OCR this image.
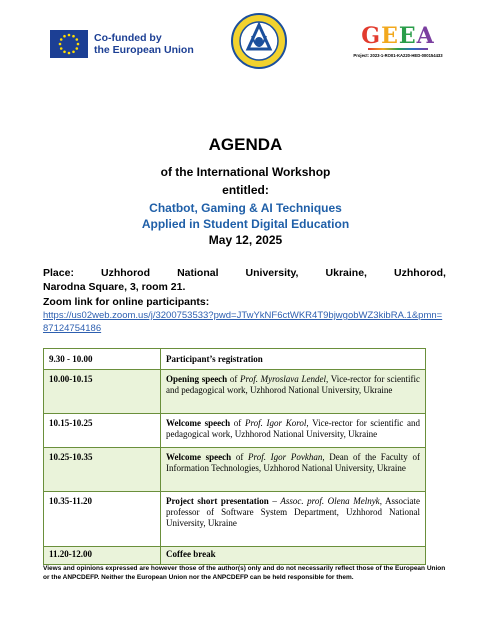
Co-funded by
the European Union
GEEA
Project: 2023-1-RO01-KA220-HED-000154433
AGENDA
of the International Workshop
entitled:
Chatbot, Gaming & AI Techniques
Applied in Student Digital Education
May 12, 2025
Place:	Uzhhorod	National	University,	Ukraine,	Uzhhorod,
Narodna Square, 3, room 21.
Zoom link for online participants:
https://us02web.zoom.us/j/3200753533?pwd=JTwYkNF6ctWKR4T9bjwgobWZ3kibRA.1&pmn=87124754186
9.30 - 10.00	Participant’s registration
10.00-10.15	Opening speech of Prof. Myroslava Lendel, Vice-rector for scientific and pedagogical work, Uzhhorod National University, Ukraine
10.15-10.25	Welcome speech of Prof. Igor Korol, Vice-rector for scientific and pedagogical work, Uzhhorod National University, Ukraine
10.25-10.35	Welcome speech of Prof. Igor Povkhan, Dean of the Faculty of Information Technologies, Uzhhorod National University, Ukraine
10.35-11.20	Project short presentation – Assoc. prof. Olena Melnyk, Associate professor of Software System Department, Uzhhorod National University, Ukraine
11.20-12.00	Coffee break
Views and opinions expressed are however those of the author(s) only and do not necessarily reflect those of the European Union or the ANPCDEFP. Neither the European Union nor the ANPCDEFP can be held responsible for them.
